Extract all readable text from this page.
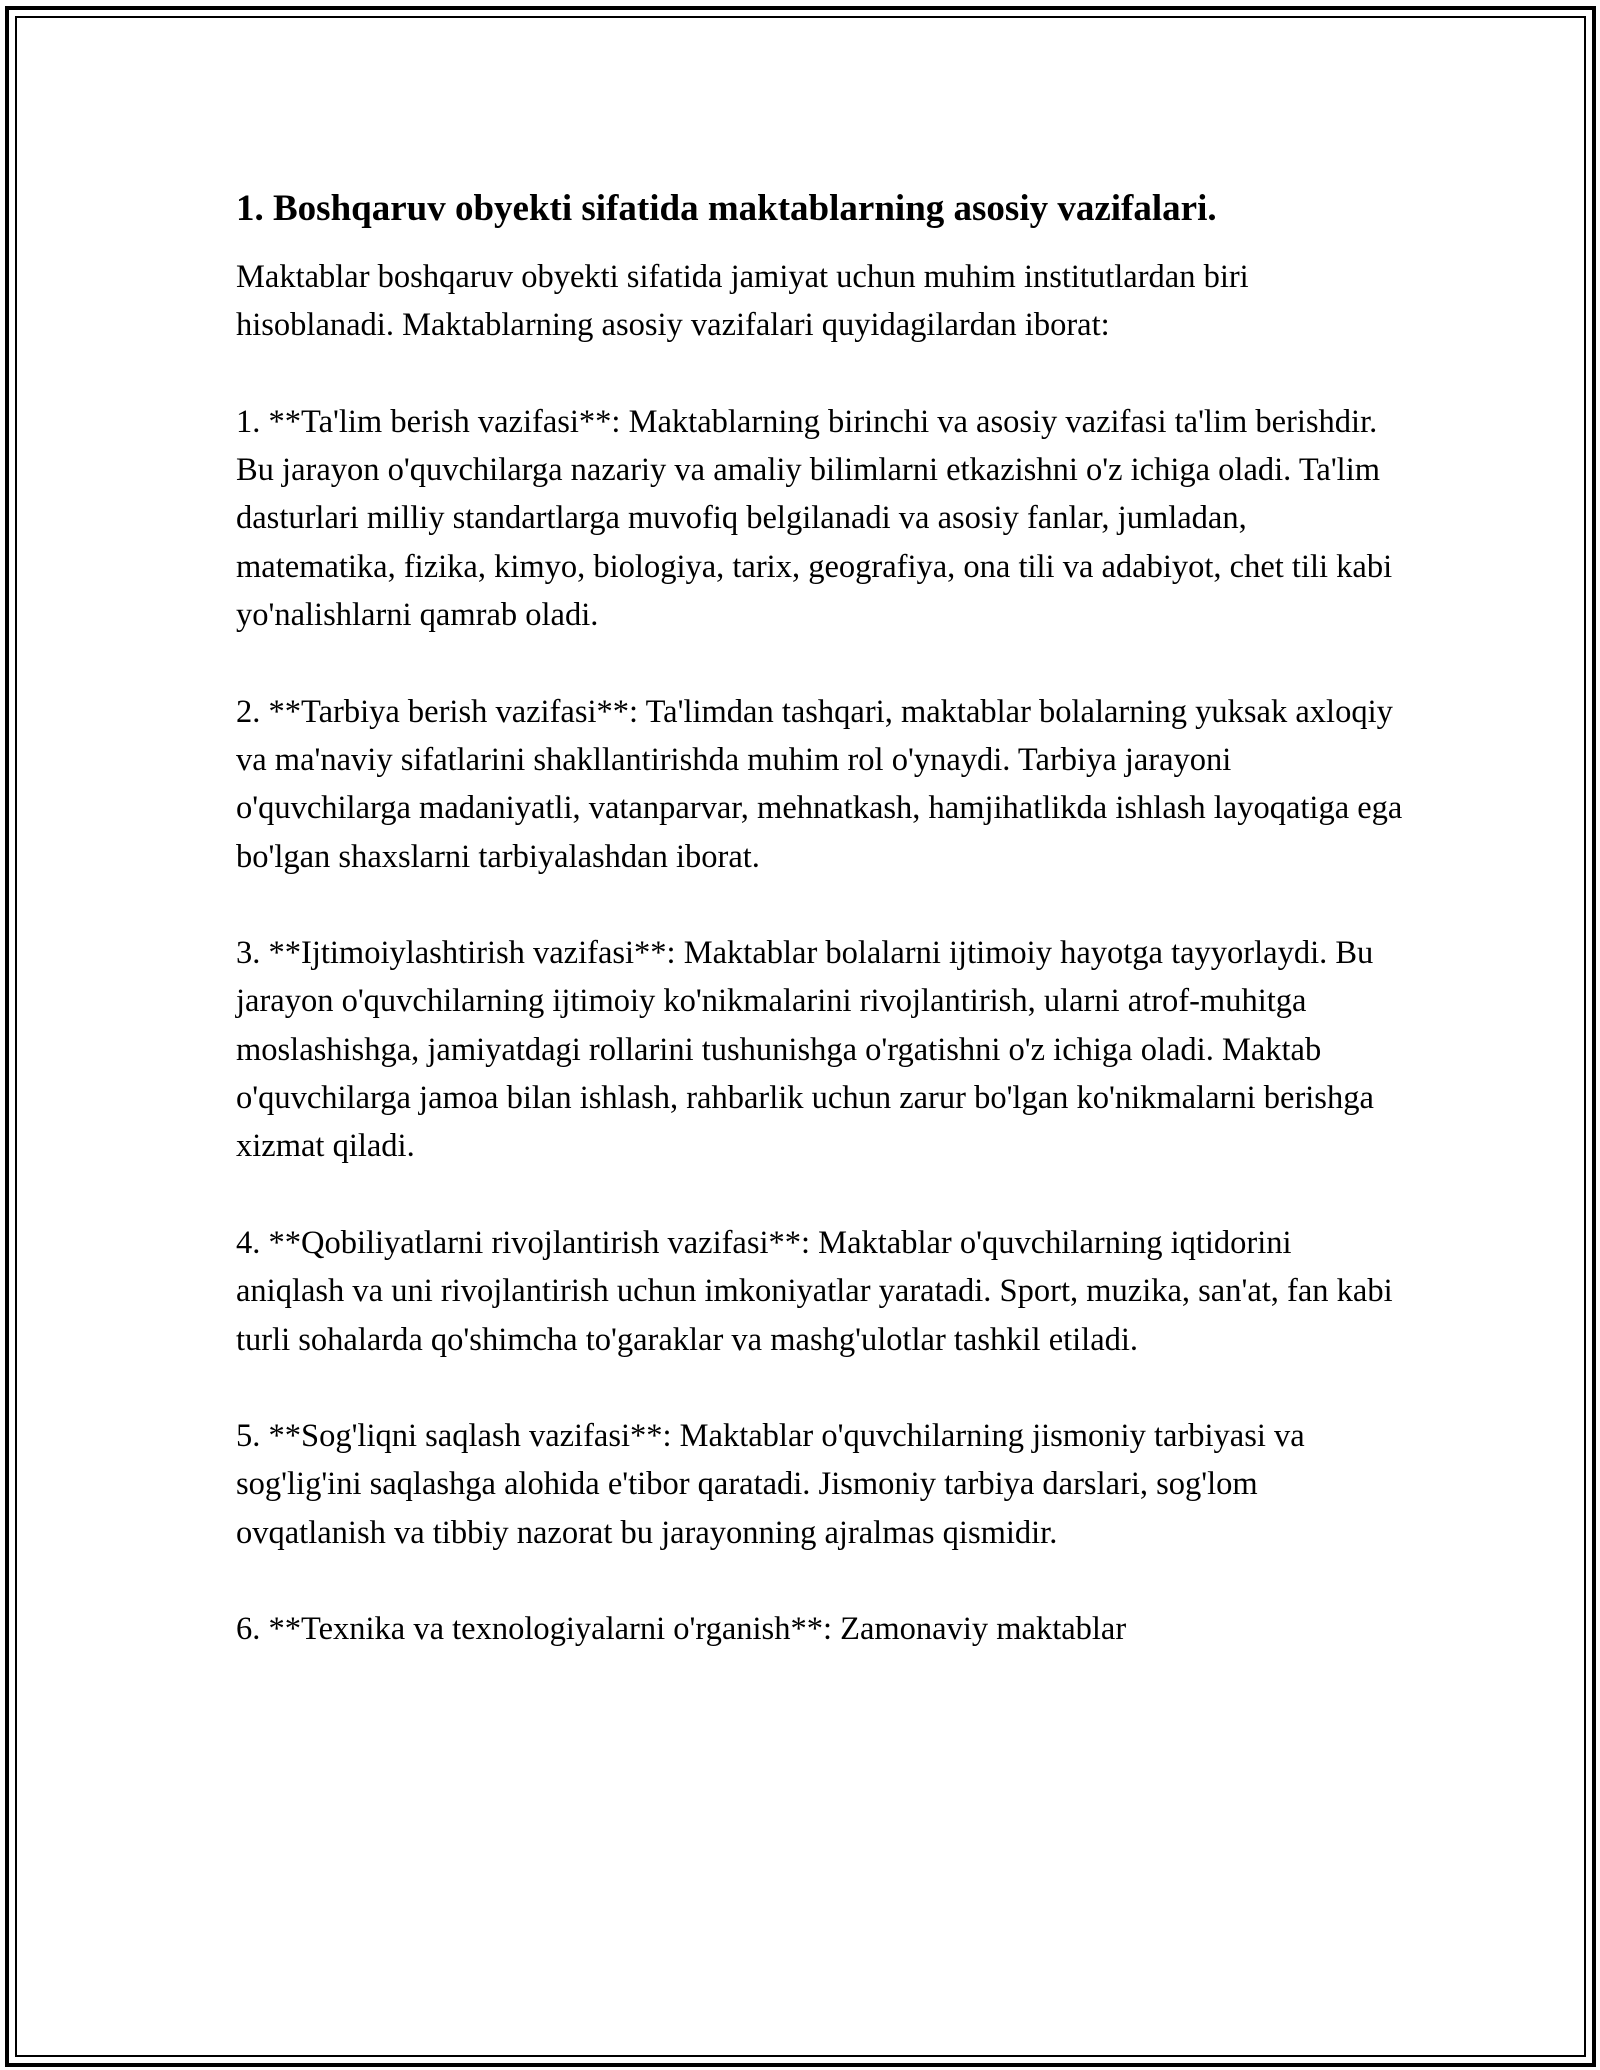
1. Boshqaruv obyekti sifatida maktablarning asosiy vazifalari.

Maktablar boshqaruv obyekti sifatida jamiyat uchun muhim institutlardan biri hisoblanadi. Maktablarning asosiy vazifalari quyidagilardan iborat:

1. **Ta'lim berish vazifasi**: Maktablarning birinchi va asosiy vazifasi ta'lim berishdir. Bu jarayon o'quvchilarga nazariy va amaliy bilimlarni etkazishni o'z ichiga oladi. Ta'lim dasturlari milliy standartlarga muvofiq belgilanadi va asosiy fanlar, jumladan, matematika, fizika, kimyo, biologiya, tarix, geografiya, ona tili va adabiyot, chet tili kabi yo'nalishlarni qamrab oladi.

2. **Tarbiya berish vazifasi**: Ta'limdan tashqari, maktablar bolalarning yuksak axloqiy va ma'naviy sifatlarini shakllantirishda muhim rol o'ynaydi. Tarbiya jarayoni o'quvchilarga madaniyatli, vatanparvar, mehnatkash, hamjihatlikda ishlash layoqatiga ega bo'lgan shaxslarni tarbiyalashdan iborat.

3. **Ijtimoiylashtirish vazifasi**: Maktablar bolalarni ijtimoiy hayotga tayyorlaydi. Bu jarayon o'quvchilarning ijtimoiy ko'nikmalarini rivojlantirish, ularni atrof-muhitga moslashishga, jamiyatdagi rollarini tushunishga o'rgatishni o'z ichiga oladi. Maktab o'quvchilarga jamoa bilan ishlash, rahbarlik uchun zarur bo'lgan ko'nikmalarni berishga xizmat qiladi.

4. **Qobiliyatlarni rivojlantirish vazifasi**: Maktablar o'quvchilarning iqtidorini aniqlash va uni rivojlantirish uchun imkoniyatlar yaratadi. Sport, muzika, san'at, fan kabi turli sohalarda qo'shimcha to'garaklar va mashg'ulotlar tashkil etiladi.

5. **Sog'liqni saqlash vazifasi**: Maktablar o'quvchilarning jismoniy tarbiyasi va sog'lig'ini saqlashga alohida e'tibor qaratadi. Jismoniy tarbiya darslari, sog'lom ovqatlanish va tibbiy nazorat bu jarayonning ajralmas qismidir.

6. **Texnika va texnologiyalarni o'rganish**: Zamonaviy maktablar
